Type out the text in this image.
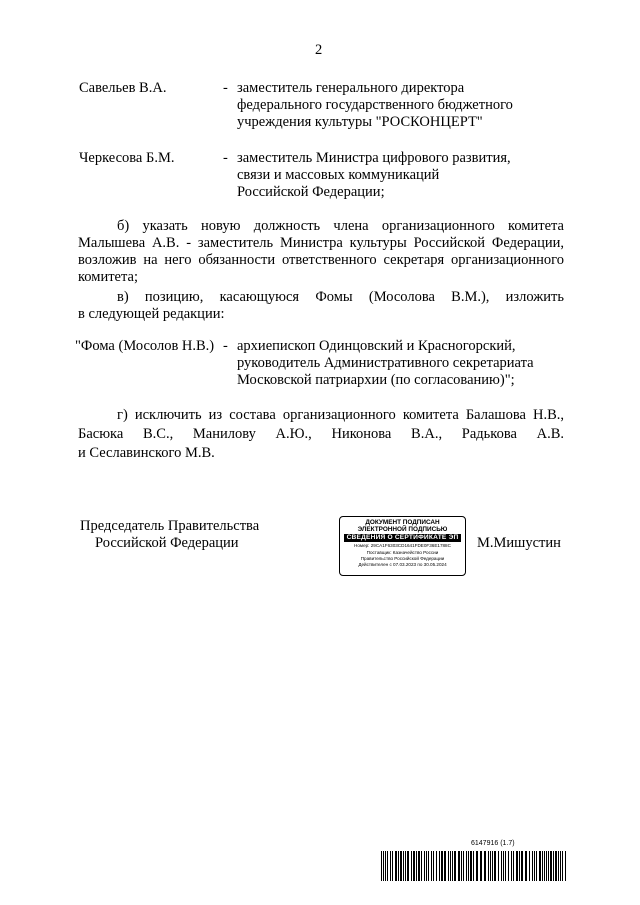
2
Савельев В.А.	- заместитель генерального директора
федерального государственного бюджетного
учреждения культуры "РОСКОНЦЕРТ"
Черкесова Б.М.	- заместитель Министра цифрового развития,
связи и массовых коммуникаций
Российской Федерации;
б) указать новую должность члена организационного комитета
Малышева А.В. - заместитель Министра культуры Российской Федерации,
возложив на него обязанности ответственного секретаря организационного
комитета;
в) позицию, касающуюся Фомы (Мосолова В.М.), изложить
в следующей редакции:
"Фома (Мосолов Н.В.) - архиепископ Одинцовский и Красногорский,
руководитель Административного секретариата
Московской патриархии (по согласованию)";
г) исключить из состава организационного комитета Балашова Н.В.,
Басюка В.С., Манилову А.Ю., Никонова В.А., Радькова А.В.
и Сеславинского М.В.
Председатель Правительства
Российской Федерации
ДОКУМЕНТ ПОДПИСАН
ЭЛЕКТРОННОЙ ПОДПИСЬЮ
СВЕДЕНИЯ О СЕРТИФИКАТЕ ЭП
Номер: 29CA1F6303CD1641FDE0F36E1788C
Поставщик: Казначейство России
Правительство Российской Федерации
Действителен с 07.03.2023 по 30.05.2024
М.Мишустин
6147916 (1.7)
